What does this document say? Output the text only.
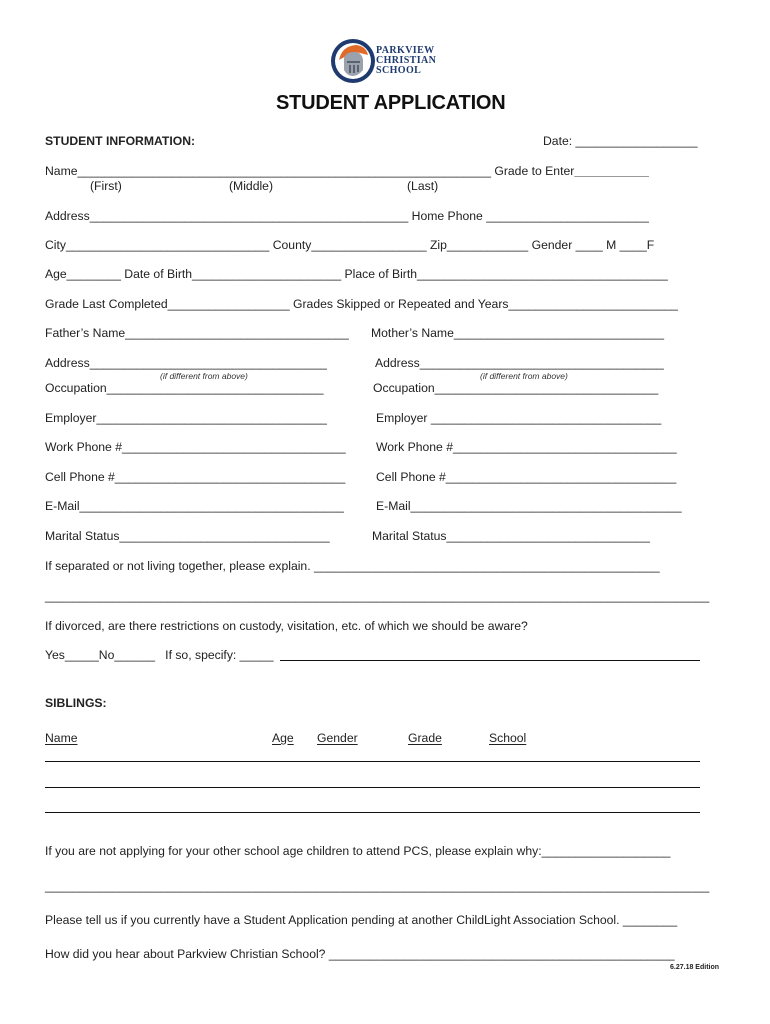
PARKVIEW
CHRISTIAN
SCHOOL
STUDENT APPLICATION
STUDENT INFORMATION:	Date: __________________
Name_____________________________________________________________ Grade to Enter___________
(First)	(Middle)	(Last)
Address_______________________________________________ Home Phone ________________________
City______________________________ County_________________ Zip____________ Gender ____ M ____F
Age________ Date of Birth______________________ Place of Birth_____________________________________
Grade Last Completed__________________ Grades Skipped or Repeated and Years_________________________
Father’s Name_________________________________ Mother’s Name_______________________________
Address___________________________________	Address____________________________________
(if different from above)	(if different from above)
Occupation________________________________	Occupation_________________________________
Employer__________________________________	Employer __________________________________
Work Phone #_________________________________ Work Phone #_________________________________
Cell Phone #__________________________________	Cell Phone #__________________________________
E-Mail_______________________________________	E-Mail________________________________________
Marital Status_______________________________	Marital Status______________________________
If separated or not living together, please explain. ___________________________________________________
__________________________________________________________________________________________________
If divorced, are there restrictions on custody, visitation, etc. of which we should be aware?
Yes_____No______   If so, specify: _____
SIBLINGS:
Name	Age Gender	Grade	School
If you are not applying for your other school age children to attend PCS, please explain why:___________________
__________________________________________________________________________________________________
Please tell us if you currently have a Student Application pending at another ChildLight Association School. ________
How did you hear about Parkview Christian School? ___________________________________________________
6.27.18 Edition
